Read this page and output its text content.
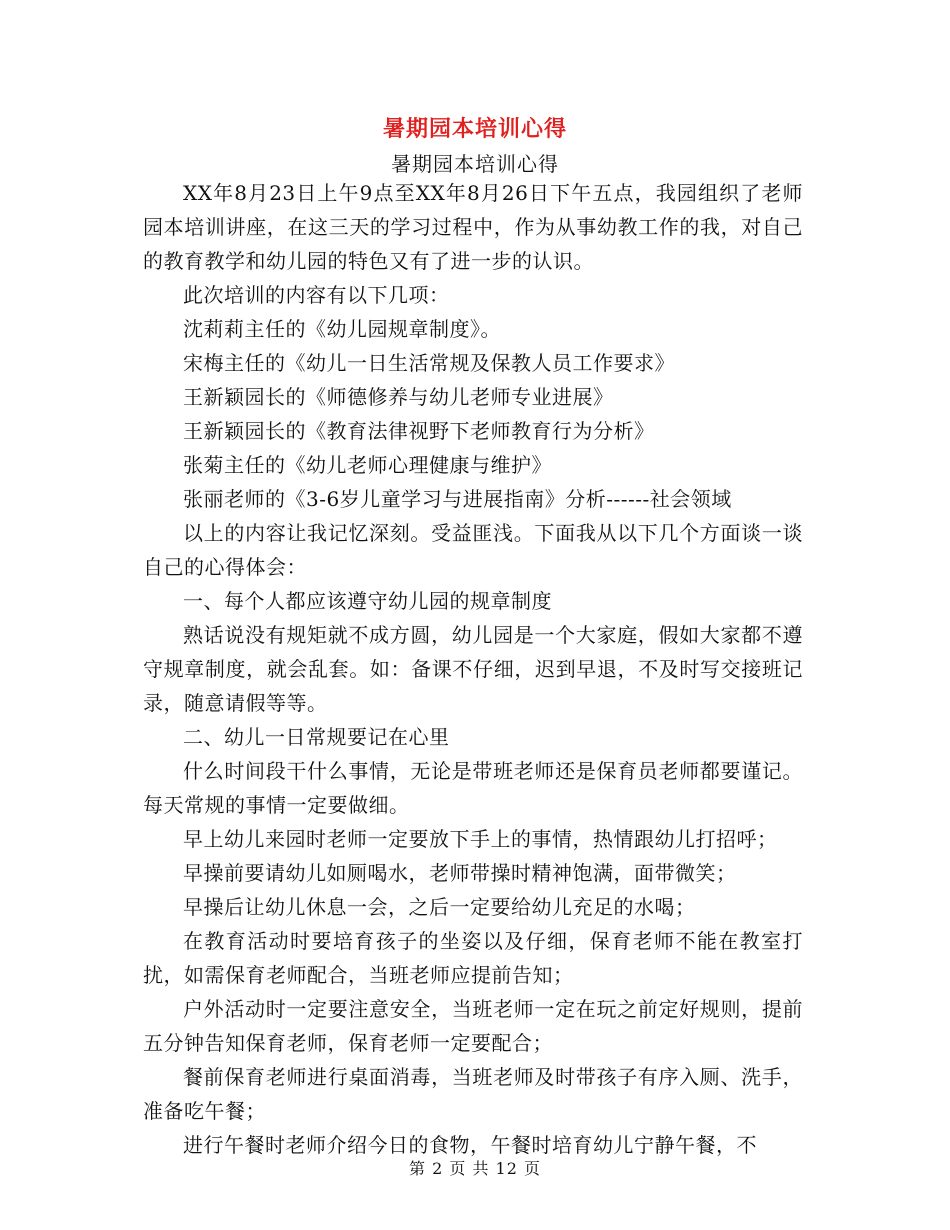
暑期园本培训心得
暑期园本培训心得

XX年8月23日上午9点至XX年8月26日下午五点，我园组织了老师园本培训讲座，在这三天的学习过程中，作为从事幼教工作的我，对自己的教育教学和幼儿园的特色又有了进一步的认识。

此次培训的内容有以下几项：

沈莉莉主任的《幼儿园规章制度》。

宋梅主任的《幼儿一日生活常规及保教人员工作要求》

王新颖园长的《师德修养与幼儿老师专业进展》

王新颖园长的《教育法律视野下老师教育行为分析》

张菊主任的《幼儿老师心理健康与维护》

张丽老师的《3-6岁儿童学习与进展指南》分析------社会领域

以上的内容让我记忆深刻。受益匪浅。下面我从以下几个方面谈一谈自己的心得体会：

一、每个人都应该遵守幼儿园的规章制度

熟话说没有规矩就不成方圆，幼儿园是一个大家庭，假如大家都不遵守规章制度，就会乱套。如：备课不仔细，迟到早退，不及时写交接班记录，随意请假等等。

二、幼儿一日常规要记在心里

什么时间段干什么事情，无论是带班老师还是保育员老师都要谨记。每天常规的事情一定要做细。

早上幼儿来园时老师一定要放下手上的事情，热情跟幼儿打招呼；

早操前要请幼儿如厕喝水，老师带操时精神饱满，面带微笑；

早操后让幼儿休息一会，之后一定要给幼儿充足的水喝；

在教育活动时要培育孩子的坐姿以及仔细，保育老师不能在教室打扰，如需保育老师配合，当班老师应提前告知；

户外活动时一定要注意安全，当班老师一定在玩之前定好规则，提前五分钟告知保育老师，保育老师一定要配合；

餐前保育老师进行桌面消毒，当班老师及时带孩子有序入厕、洗手，准备吃午餐；

进行午餐时老师介绍今日的食物，午餐时培育幼儿宁静午餐，不

第 2 页 共 12 页
